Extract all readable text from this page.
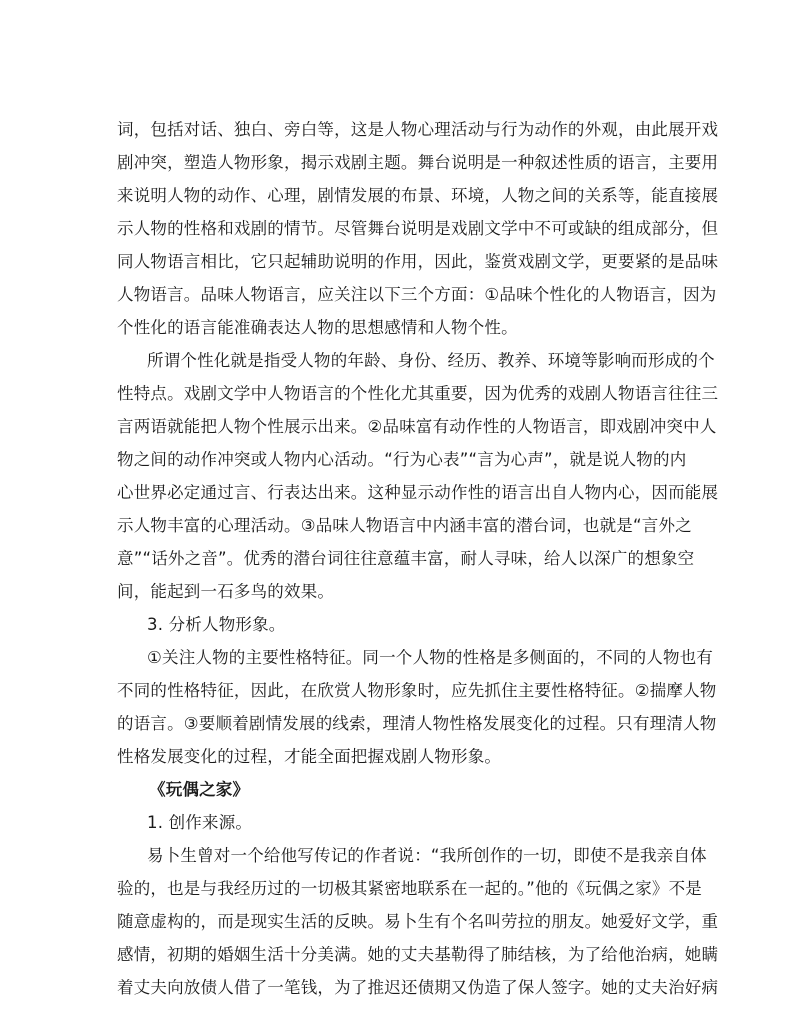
词，包括对话、独白、旁白等，这是人物心理活动与行为动作的外观，由此展开戏
剧冲突，塑造人物形象，揭示戏剧主题。舞台说明是一种叙述性质的语言，主要用
来说明人物的动作、心理，剧情发展的布景、环境，人物之间的关系等，能直接展
示人物的性格和戏剧的情节。尽管舞台说明是戏剧文学中不可或缺的组成部分，但
同人物语言相比，它只起辅助说明的作用，因此，鉴赏戏剧文学，更要紧的是品味
人物语言。品味人物语言，应关注以下三个方面：①品味个性化的人物语言，因为
个性化的语言能准确表达人物的思想感情和人物个性。
所谓个性化就是指受人物的年龄、身份、经历、教养、环境等影响而形成的个
性特点。戏剧文学中人物语言的个性化尤其重要，因为优秀的戏剧人物语言往往三
言两语就能把人物个性展示出来。②品味富有动作性的人物语言，即戏剧冲突中人
物之间的动作冲突或人物内心活动。“行为心表”“言为心声”，就是说人物的内
心世界必定通过言、行表达出来。这种显示动作性的语言出自人物内心，因而能展
示人物丰富的心理活动。③品味人物语言中内涵丰富的潜台词，也就是“言外之
意”“话外之音”。优秀的潜台词往往意蕴丰富，耐人寻味，给人以深广的想象空
间，能起到一石多鸟的效果。
3. 分析人物形象。
①关注人物的主要性格特征。同一个人物的性格是多侧面的，不同的人物也有
不同的性格特征，因此，在欣赏人物形象时，应先抓住主要性格特征。②揣摩人物
的语言。③要顺着剧情发展的线索，理清人物性格发展变化的过程。只有理清人物
性格发展变化的过程，才能全面把握戏剧人物形象。
《玩偶之家》
1. 创作来源。
易卜生曾对一个给他写传记的作者说：“我所创作的一切，即使不是我亲自体
验的，也是与我经历过的一切极其紧密地联系在一起的。”他的《玩偶之家》不是
随意虚构的，而是现实生活的反映。易卜生有个名叫劳拉的朋友。她爱好文学，重
感情，初期的婚姻生活十分美满。她的丈夫基勒得了肺结核，为了给他治病，她瞒
着丈夫向放债人借了一笔钱，为了推迟还债期又伪造了保人签字。她的丈夫治好病
